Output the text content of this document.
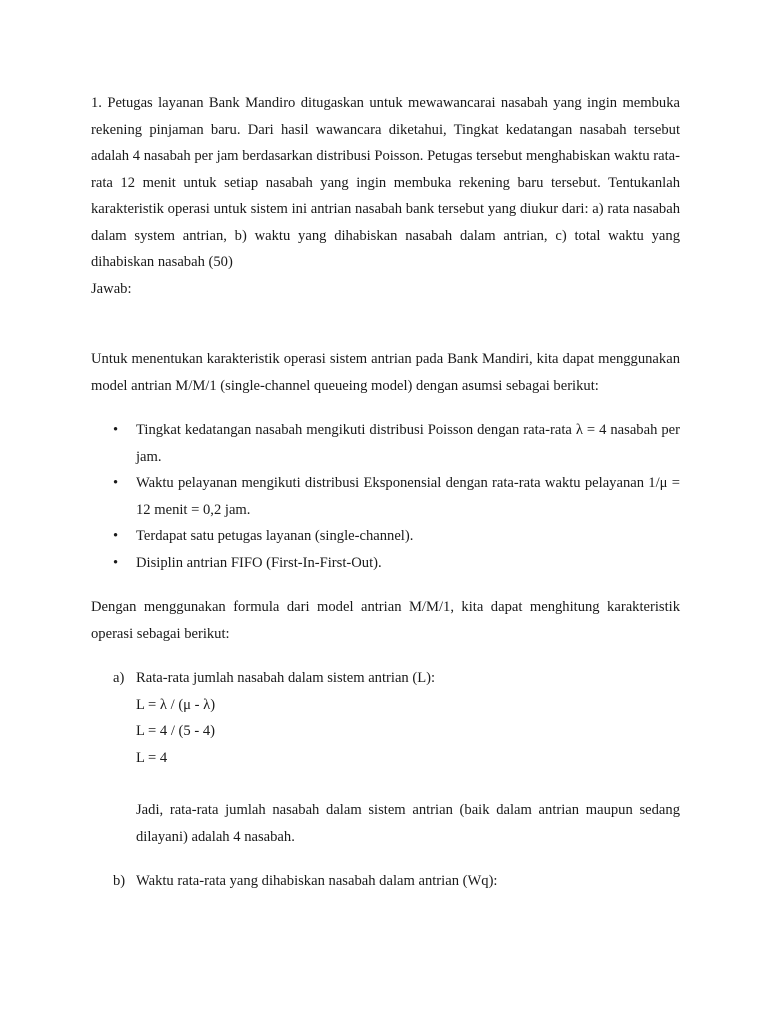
1. Petugas layanan Bank Mandiro ditugaskan untuk mewawancarai nasabah yang ingin membuka rekening pinjaman baru. Dari hasil wawancara diketahui, Tingkat kedatangan nasabah tersebut adalah 4 nasabah per jam berdasarkan distribusi Poisson. Petugas tersebut menghabiskan waktu rata-rata 12 menit untuk setiap nasabah yang ingin membuka rekening baru tersebut. Tentukanlah karakteristik operasi untuk sistem ini antrian nasabah bank tersebut yang diukur dari: a) rata nasabah dalam system antrian, b) waktu yang dihabiskan nasabah dalam antrian, c) total waktu yang dihabiskan nasabah (50)

Jawab:

Untuk menentukan karakteristik operasi sistem antrian pada Bank Mandiri, kita dapat menggunakan model antrian M/M/1 (single-channel queueing model) dengan asumsi sebagai berikut:

• Tingkat kedatangan nasabah mengikuti distribusi Poisson dengan rata-rata λ = 4 nasabah per jam.
• Waktu pelayanan mengikuti distribusi Eksponensial dengan rata-rata waktu pelayanan 1/μ = 12 menit = 0,2 jam.
• Terdapat satu petugas layanan (single-channel).
• Disiplin antrian FIFO (First-In-First-Out).

Dengan menggunakan formula dari model antrian M/M/1, kita dapat menghitung karakteristik operasi sebagai berikut:

a) Rata-rata jumlah nasabah dalam sistem antrian (L):
L = λ / (μ - λ)
L = 4 / (5 - 4)
L = 4

Jadi, rata-rata jumlah nasabah dalam sistem antrian (baik dalam antrian maupun sedang dilayani) adalah 4 nasabah.

b) Waktu rata-rata yang dihabiskan nasabah dalam antrian (Wq):
